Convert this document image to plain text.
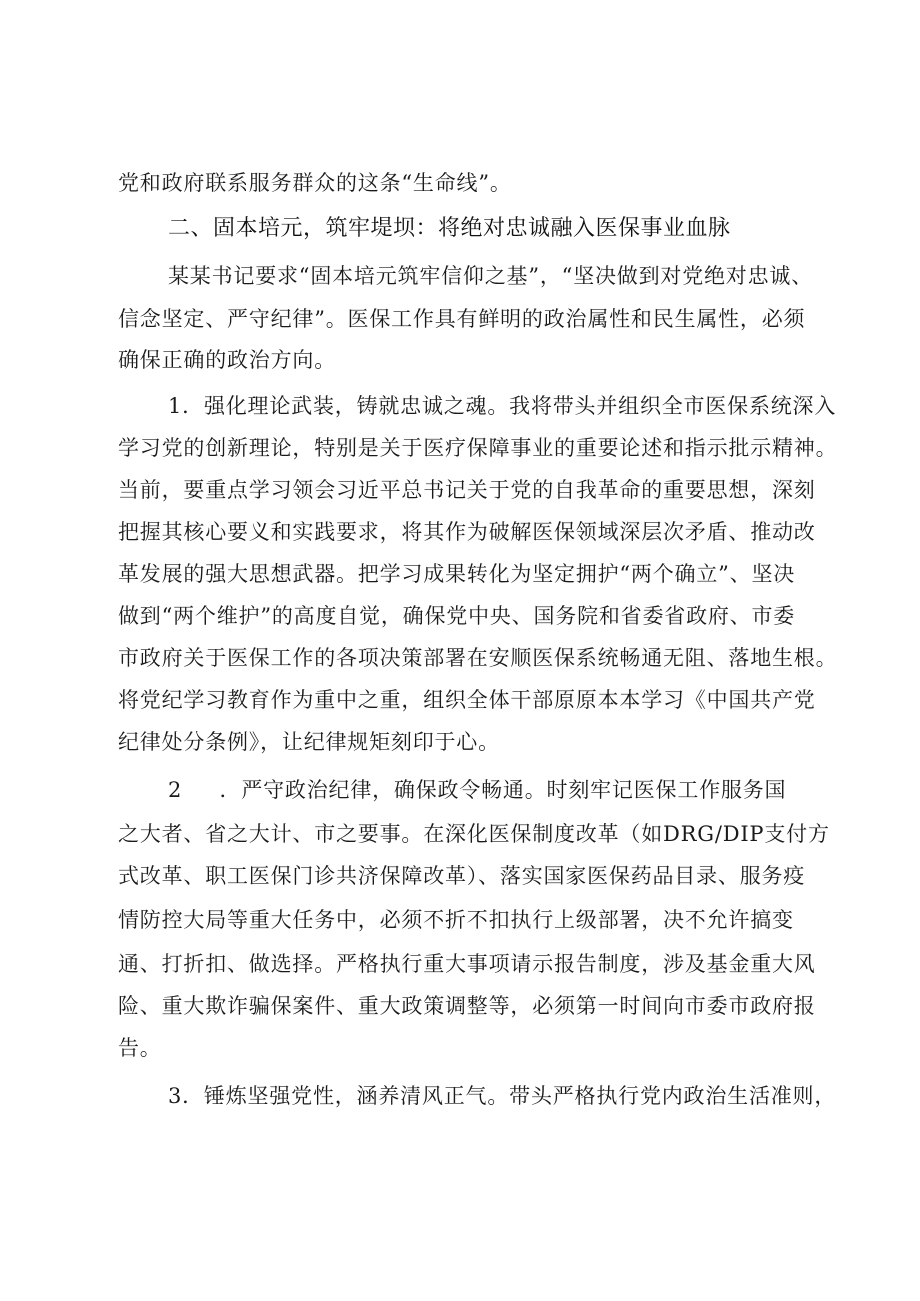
党和政府联系服务群众的这条“生命线”。
二、固本培元，筑牢堤坝：将绝对忠诚融入医保事业血脉
某某书记要求“固本培元筑牢信仰之基”，“坚决做到对党绝对忠诚、
信念坚定、严守纪律”。医保工作具有鲜明的政治属性和民生属性，必须
确保正确的政治方向。
1．强化理论武装，铸就忠诚之魂。我将带头并组织全市医保系统深入
学习党的创新理论，特别是关于医疗保障事业的重要论述和指示批示精神。
当前，要重点学习领会习近平总书记关于党的自我革命的重要思想，深刻
把握其核心要义和实践要求，将其作为破解医保领域深层次矛盾、推动改
革发展的强大思想武器。把学习成果转化为坚定拥护“两个确立”、坚决
做到“两个维护”的高度自觉，确保党中央、国务院和省委省政府、市委
市政府关于医保工作的各项决策部署在安顺医保系统畅通无阻、落地生根。
将党纪学习教育作为重中之重，组织全体干部原原本本学习《中国共产党
纪律处分条例》，让纪律规矩刻印于心。
2     ．严守政治纪律，确保政令畅通。时刻牢记医保工作服务国
之大者、省之大计、市之要事。在深化医保制度改革（如DRG/DIP支付方
式改革、职工医保门诊共济保障改革）、落实国家医保药品目录、服务疫
情防控大局等重大任务中，必须不折不扣执行上级部署，决不允许搞变
通、打折扣、做选择。严格执行重大事项请示报告制度，涉及基金重大风
险、重大欺诈骗保案件、重大政策调整等，必须第一时间向市委市政府报
告。
3．锤炼坚强党性，涵养清风正气。带头严格执行党内政治生活准则，
